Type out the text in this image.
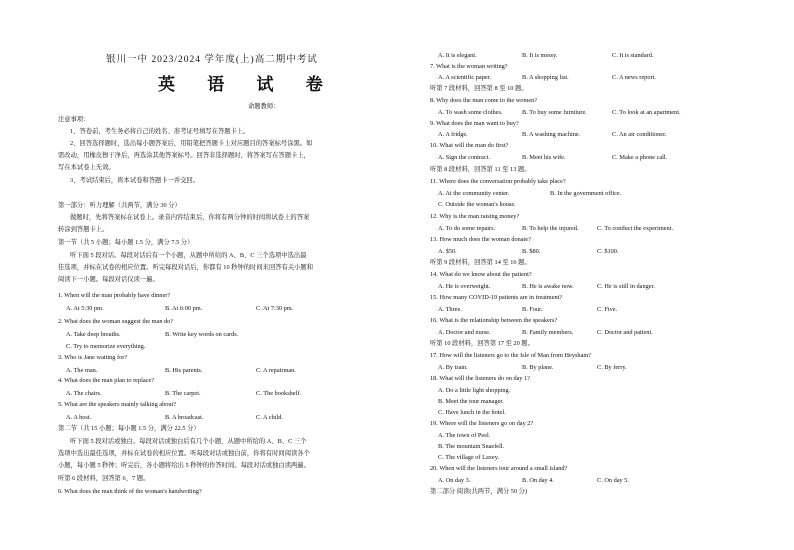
银川一中 2023/2024 学年度(上)高二期中考试
英 语 试 卷
命题教师：
注意事项：
1、答卷前，考生务必将自己的姓名、准考证号填写在答题卡上。
2、回答选择题时，选出每小题答案后，用铅笔把答题卡上对应题目的答案标号涂黑。如
需改动，用橡皮擦干净后，再选涂其他答案标号。回答非选择题时，将答案写在答题卡上，
写在本试卷上无效。
3、考试结束后，将本试卷和答题卡一并交回。
第一部分：听力理解（共两节，满分 30 分）
做题时，先将答案标在试卷上。录音内容结束后，你将有两分钟的时间将试卷上的答案
转涂到答题卡上。
第一节（共 5 小题；每小题 1.5 分，满分 7.5 分）
听下面 5 段对话。每段对话后有一个小题，从题中所给的 A、B、C 三个选项中选出最
佳选项，并标在试卷的相应位置。听完每段对话后，你都有 10 秒钟的时间来回答有关小题和
阅读下一小题。每段对话仅读一遍。
1. When will the man probably have dinner?
A. At 5:30 pm.	B. At 6:00 pm.	C. At 7:30 pm.
2. What does the woman suggest the man do?
A. Take deep breaths.	B. Write key words on cards.
C. Try to memorize everything.
3. Who is Jane waiting for?
A. The man.	B. His parents.	C. A repairman.
4. What does the man plan to replace?
A. The chairs.	B. The carpet.	C. The bookshelf.
5. What are the speakers mainly talking about?
A. A host.	B. A broadcast.	C. A child.
第二节（共 15 小题；每小题 1.5 分，满分 22.5 分）
听下面 5 段对话或独白。每段对话或独白后有几个小题，从题中所给的 A、B、C 三个
选项中选出最佳选项，并标在试卷的相应位置。听每段对话或独白前，你将有时间阅读各个
小题，每小题 5 秒钟；听完后，各小题将给出 5 秒钟的作答时间。每段对话或独白读两遍。
听第 6 段材料，回答第 6、7 题。
6. What does the man think of the woman's handwriting?
A. It is elegant.	B. It is messy.	C. It is standard.
7. What is the woman writing?
A. A scientific paper.	B. A shopping list.	C. A news report.
听第 7 段材料，回答第 8 至 10 题。
8. Why does the man come to the women?
A. To wash some clothes.	B. To buy some furniture.	C. To look at an apartment.
9. What does the man want to buy?
A. A fridge.	B. A washing machine.	C. An air conditioner.
10. What will the man do first?
A. Sign the contract.	B. Meet his wife.	C. Make a phone call.
听第 8 段材料，回答第 11 至 13 题。
11. Where does the conversation probably take place?
A. At the community center.	B. In the government office.
C. Outside the woman's house.
12. Why is the man raising money?
A. To do some repairs.	B. To help the injured.	C. To conduct the experiment.
13. How much does the woman donate?
A. $50.	B. $80.	C. $100.
听第 9 段材料，回答第 14 至 16 题。
14. What do we know about the patient?
A. He is overweight.	B. He is awake now.	C. He is still in danger.
15. How many COVID-19 patients are in treatment?
A. Three.	B. Four.	C. Five.
16. What is the relationship between the speakers?
A. Doctor and nurse.	B. Family members.	C. Doctor and patient.
听第 10 段材料，回答第 17 至 20 题。
17. How will the listeners go to the Isle of Man from Heysham?
A. By train.	B. By plane.	C. By ferry.
18. What will the listeners do on day 1?
A. Do a little light shopping.
B. Meet the tour manager.
C. Have lunch in the hotel.
19. Where will the listeners go on day 2?
A. The town of Peel.
B. The mountain Snaefell.
C. The village of Laxey.
20. When will the listeners tour around a small island?
A. On day 3.	B. On day 4.	C. On day 5.
第二部分 阅读(共两节，满分 50 分)
